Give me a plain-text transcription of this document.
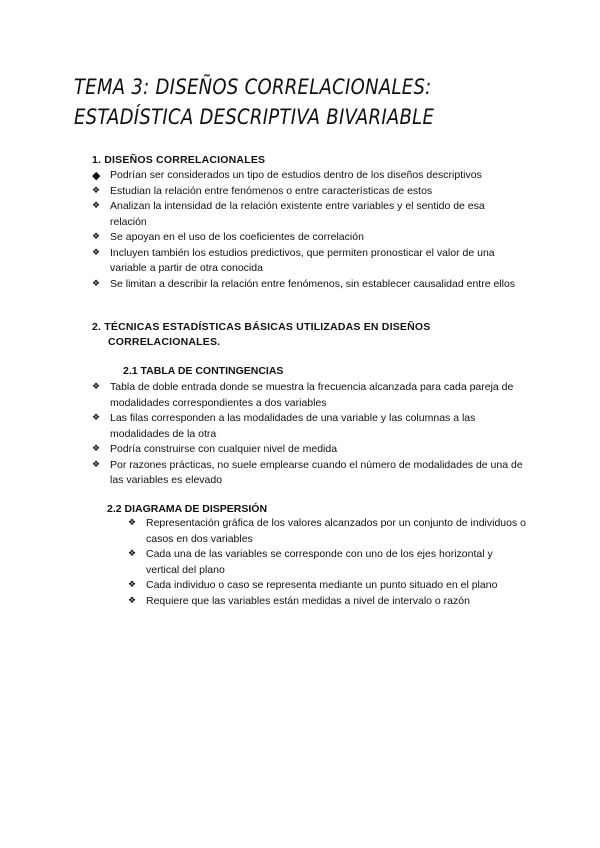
TEMA 3: DISEÑOS CORRELACIONALES:
ESTADÍSTICA DESCRIPTIVA BIVARIABLE
1. DISEÑOS CORRELACIONALES
◆ Podrían ser considerados un tipo de estudios dentro de los diseños descriptivos
❖ Estudian la relación entre fenómenos o entre características de estos
❖ Analizan la intensidad de la relación existente entre variables y el sentido de esa relación
❖ Se apoyan en el uso de los coeficientes de correlación
❖ Incluyen también los estudios predictivos, que permiten pronosticar el valor de una variable a partir de otra conocida
❖ Se limitan a describir la relación entre fenómenos, sin establecer causalidad entre ellos
2. TÉCNICAS ESTADÍSTICAS BÁSICAS UTILIZADAS EN DISEÑOS
CORRELACIONALES.
2.1 TABLA DE CONTINGENCIAS
❖ Tabla de doble entrada donde se muestra la frecuencia alcanzada para cada pareja de modalidades correspondientes a dos variables
❖ Las filas corresponden a las modalidades de una variable y las columnas a las modalidades de la otra
❖ Podría construirse con cualquier nivel de medida
❖ Por razones prácticas, no suele emplearse cuando el número de modalidades de una de las variables es elevado
2.2 DIAGRAMA DE DISPERSIÓN
❖ Representación gráfica de los valores alcanzados por un conjunto de individuos o casos en dos variables
❖ Cada una de las variables se corresponde con uno de los ejes horizontal y vertical del plano
❖ Cada individuo o caso se representa mediante un punto situado en el plano
❖ Requiere que las variables están medidas a nivel de intervalo o razón
